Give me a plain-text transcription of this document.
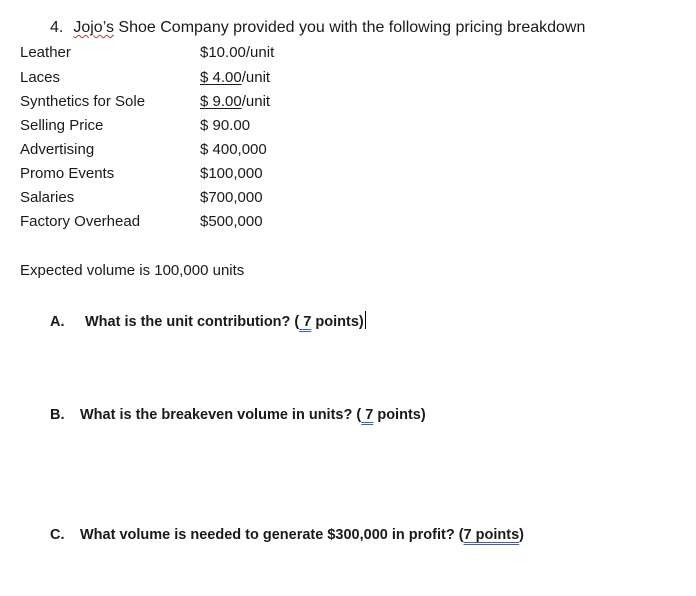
4. Jojo’s Shoe Company provided you with the following pricing breakdown
Leather	$10.00/unit
Laces	$ 4.00/unit
Synthetics for Sole	$ 9.00/unit
Selling Price	$ 90.00
Advertising	$ 400,000
Promo Events	$100,000
Salaries	$700,000
Factory Overhead	$500,000
Expected volume is 100,000 units
A. What is the unit contribution? ( 7 points)
B. What is the breakeven volume in units? ( 7 points)
C. What volume is needed to generate $300,000 in profit? (7 points)
